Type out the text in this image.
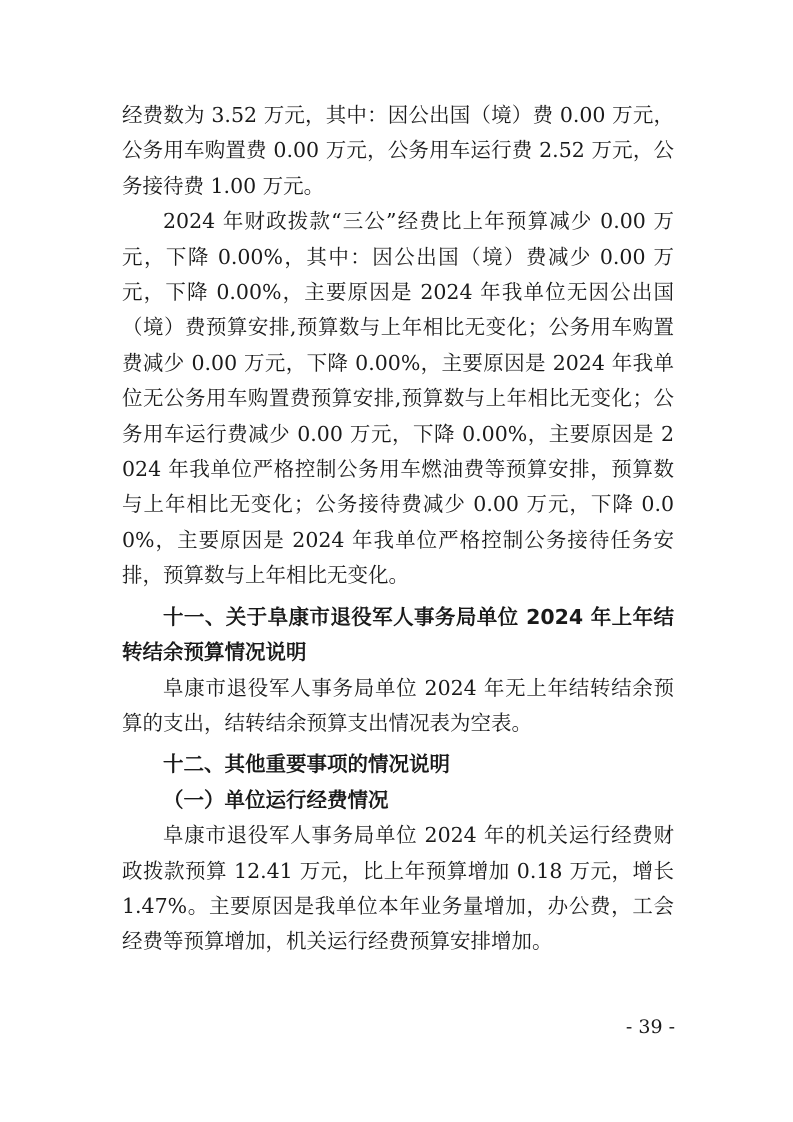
经费数为 3.52 万元，其中：因公出国（境）费 0.00 万元，公务用车购置费 0.00 万元，公务用车运行费 2.52 万元，公务接待费 1.00 万元。

2024 年财政拨款“三公”经费比上年预算减少 0.00 万元，下降 0.00%，其中：因公出国（境）费减少 0.00 万元，下降 0.00%，主要原因是 2024 年我单位无因公出国（境）费预算安排,预算数与上年相比无变化；公务用车购置费减少 0.00 万元，下降 0.00%，主要原因是 2024 年我单位无公务用车购置费预算安排,预算数与上年相比无变化；公务用车运行费减少 0.00 万元，下降 0.00%，主要原因是 2024 年我单位严格控制公务用车燃油费等预算安排，预算数与上年相比无变化；公务接待费减少 0.00 万元，下降 0.00%，主要原因是 2024 年我单位严格控制公务接待任务安排，预算数与上年相比无变化。

十一、关于阜康市退役军人事务局单位 2024 年上年结转结余预算情况说明

阜康市退役军人事务局单位 2024 年无上年结转结余预算的支出，结转结余预算支出情况表为空表。

十二、其他重要事项的情况说明

（一）单位运行经费情况

阜康市退役军人事务局单位 2024 年的机关运行经费财政拨款预算 12.41 万元，比上年预算增加 0.18 万元，增长 1.47%。主要原因是我单位本年业务量增加，办公费，工会经费等预算增加，机关运行经费预算安排增加。

- 39 -
